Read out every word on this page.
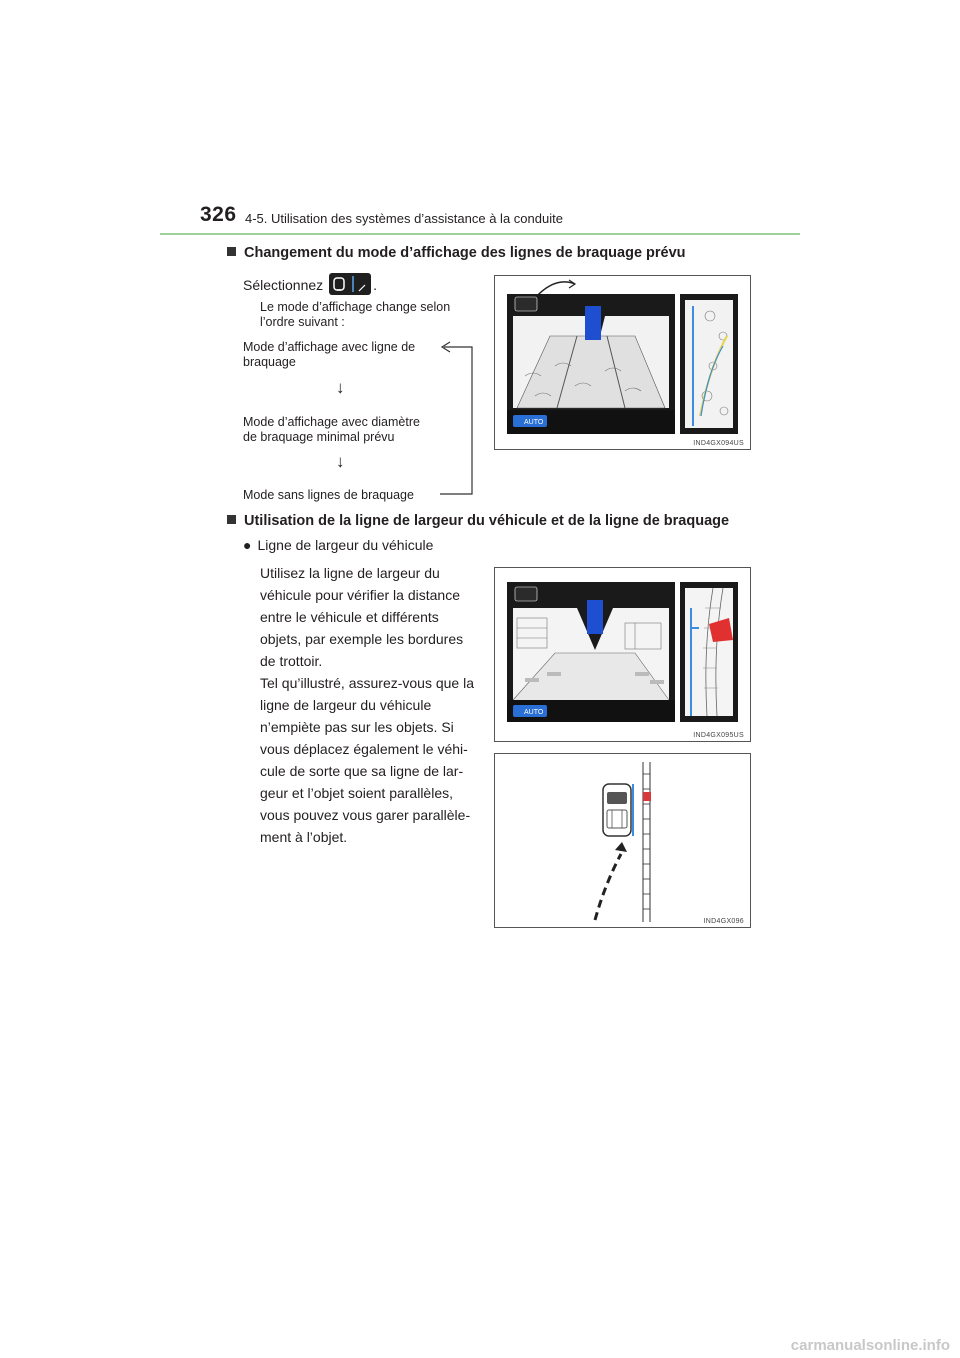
326 4-5. Utilisation des systèmes d’assistance à la conduite
Changement du mode d’affichage des lignes de braquage prévu
Sélectionnez	.
Le mode d’affichage change selon
l’ordre suivant :
Mode d’affichage avec ligne de
braquage
↓
Mode d’affichage avec diamètre
de braquage minimal prévu
↓
Mode sans lignes de braquage
AUTO
IND4GX094US
Utilisation de la ligne de largeur du véhicule et de la ligne de braquage
● Ligne de largeur du véhicule
Utilisez la ligne de largeur du
véhicule pour vérifier la distance
entre le véhicule et différents
objets, par exemple les bordures
de trottoir.
Tel qu’illustré, assurez-vous que la
ligne de largeur du véhicule
n’empiète pas sur les objets. Si
vous déplacez également le véhi-
cule de sorte que sa ligne de lar-
geur et l’objet soient parallèles,
vous pouvez vous garer parallèle-
ment à l’objet.
AUTO
IND4GX095US
IND4GX096
carmanualsonline.info
